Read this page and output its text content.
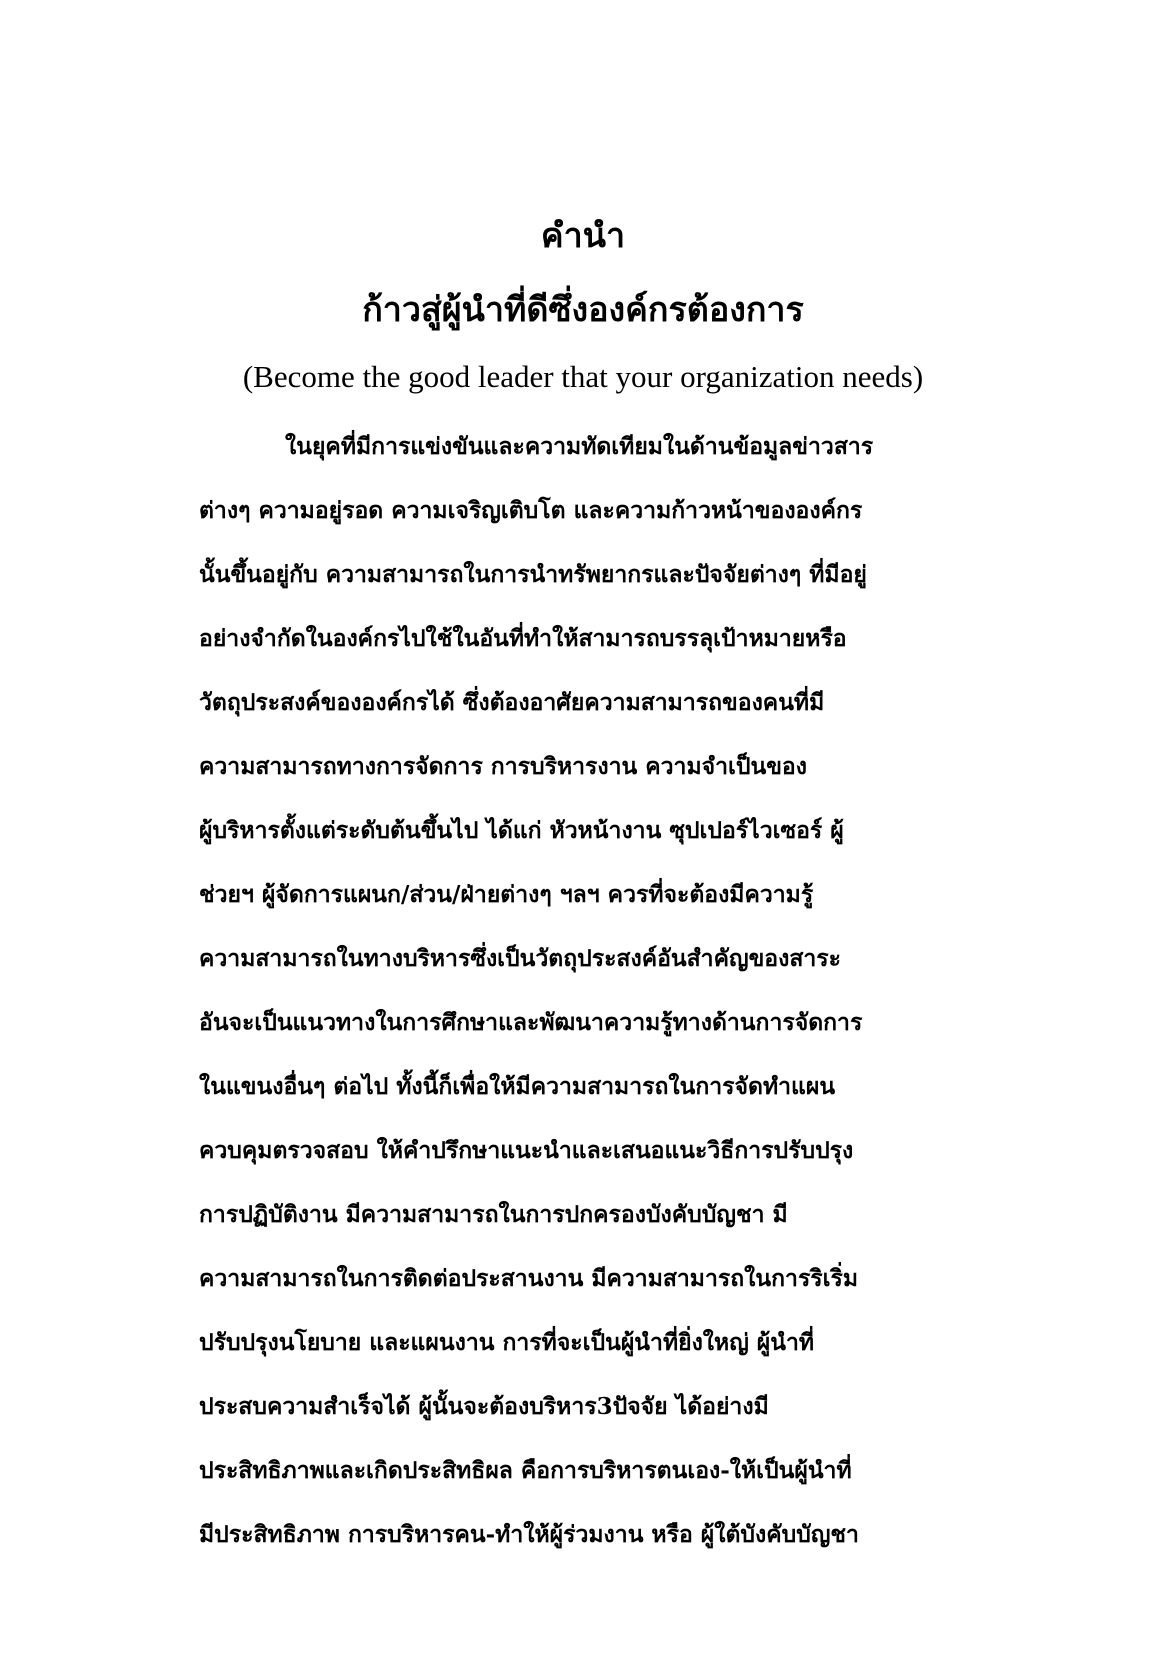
คำนำ
ก้าวสู่ผู้นำที่ดีซึ่งองค์กรต้องการ
(Become the good leader that your organization needs)
ในยุคที่มีการแข่งขันและความทัดเทียมในด้านข้อมูลข่าวสาร
ต่างๆ ความอยู่รอด ความเจริญเติบโต และความก้าวหน้าขององค์กร
นั้นขึ้นอยู่กับ ความสามารถในการนำทรัพยากรและปัจจัยต่างๆ ที่มีอยู่
อย่างจำกัดในองค์กรไปใช้ในอันที่ทำให้สามารถบรรลุเป้าหมายหรือ
วัตถุประสงค์ขององค์กรได้ ซึ่งต้องอาศัยความสามารถของคนที่มี
ความสามารถทางการจัดการ การบริหารงาน ความจำเป็นของ
ผู้บริหารตั้งแต่ระดับต้นขึ้นไป ได้แก่ หัวหน้างาน ซุปเปอร์ไวเซอร์ ผู้
ช่วยฯ ผู้จัดการแผนก/ส่วน/ฝ่ายต่างๆ ฯลฯ ควรที่จะต้องมีความรู้
ความสามารถในทางบริหารซึ่งเป็นวัตถุประสงค์อันสำคัญของสาระ
อันจะเป็นแนวทางในการศึกษาและพัฒนาความรู้ทางด้านการจัดการ
ในแขนงอื่นๆ ต่อไป ทั้งนี้ก็เพื่อให้มีความสามารถในการจัดทำแผน
ควบคุมตรวจสอบ ให้คำปรึกษาแนะนำและเสนอแนะวิธีการปรับปรุง
การปฏิบัติงาน มีความสามารถในการปกครองบังคับบัญชา มี
ความสามารถในการติดต่อประสานงาน มีความสามารถในการริเริ่ม
ปรับปรุงนโยบาย และแผนงาน การที่จะเป็นผู้นำที่ยิ่งใหญ่ ผู้นำที่
ประสบความสำเร็จได้ ผู้นั้นจะต้องบริหาร3ปัจจัย ได้อย่างมี
ประสิทธิภาพและเกิดประสิทธิผล คือการบริหารตนเอง-ให้เป็นผู้นำที่
มีประสิทธิภาพ การบริหารคน-ทำให้ผู้ร่วมงาน หรือ ผู้ใต้บังคับบัญชา
